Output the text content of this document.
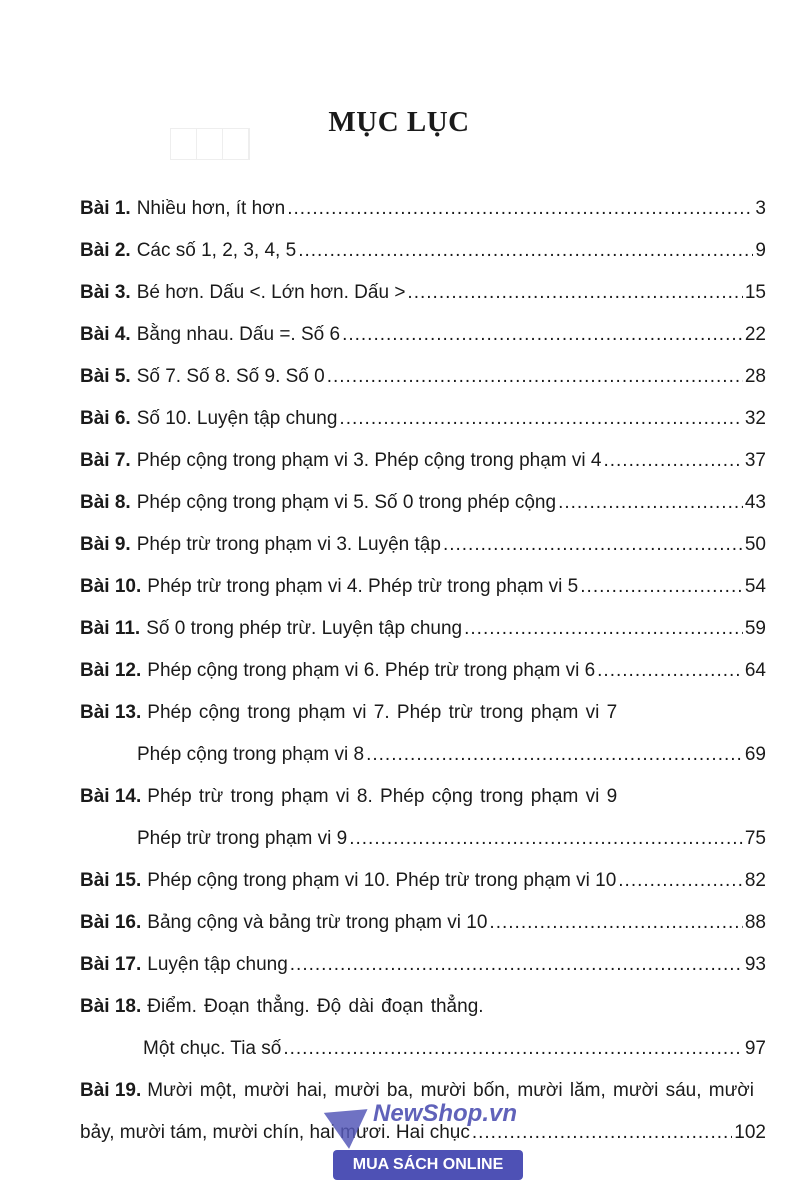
MỤC LỤC
Bài 1. Nhiều hơn, ít hơn .....	3
Bài 2. Các số 1, 2, 3, 4, 5 .....	9
Bài 3. Bé hơn. Dấu <. Lớn hơn. Dấu > .....	15
Bài 4. Bằng nhau. Dấu =. Số 6 .....	22
Bài 5. Số 7. Số 8. Số 9. Số 0 .....	28
Bài 6. Số 10. Luyện tập chung .....	32
Bài 7. Phép cộng trong phạm vi 3. Phép cộng trong phạm vi 4 .....	37
Bài 8. Phép cộng trong phạm vi 5. Số 0 trong phép cộng .....	43
Bài 9. Phép trừ trong phạm vi 3. Luyện tập .....	50
Bài 10. Phép trừ trong phạm vi 4. Phép trừ trong phạm vi 5 .....	54
Bài 11. Số 0 trong phép trừ. Luyện tập chung .....	59
Bài 12. Phép cộng trong phạm vi 6. Phép trừ trong phạm vi 6 .....	64
Bài 13. Phép cộng trong phạm vi 7. Phép trừ trong phạm vi 7
Phép cộng trong phạm vi 8 .....	69
Bài 14. Phép trừ trong phạm vi 8. Phép cộng trong phạm vi 9
Phép trừ trong phạm vi 9 .....	75
Bài 15. Phép cộng trong phạm vi 10. Phép trừ trong phạm vi 10 .....	82
Bài 16. Bảng cộng và bảng trừ trong phạm vi 10 .....	88
Bài 17. Luyện tập chung .....	93
Bài 18. Điểm. Đoạn thẳng. Độ dài đoạn thẳng.
Một chục. Tia số .....	97
Bài 19. Mười một, mười hai, mười ba, mười bốn, mười lăm, mười sáu, mười
bảy, mười tám, mười chín, hai mươi. Hai chục .....	102
NewShop.vn
MUA SÁCH ONLINE
